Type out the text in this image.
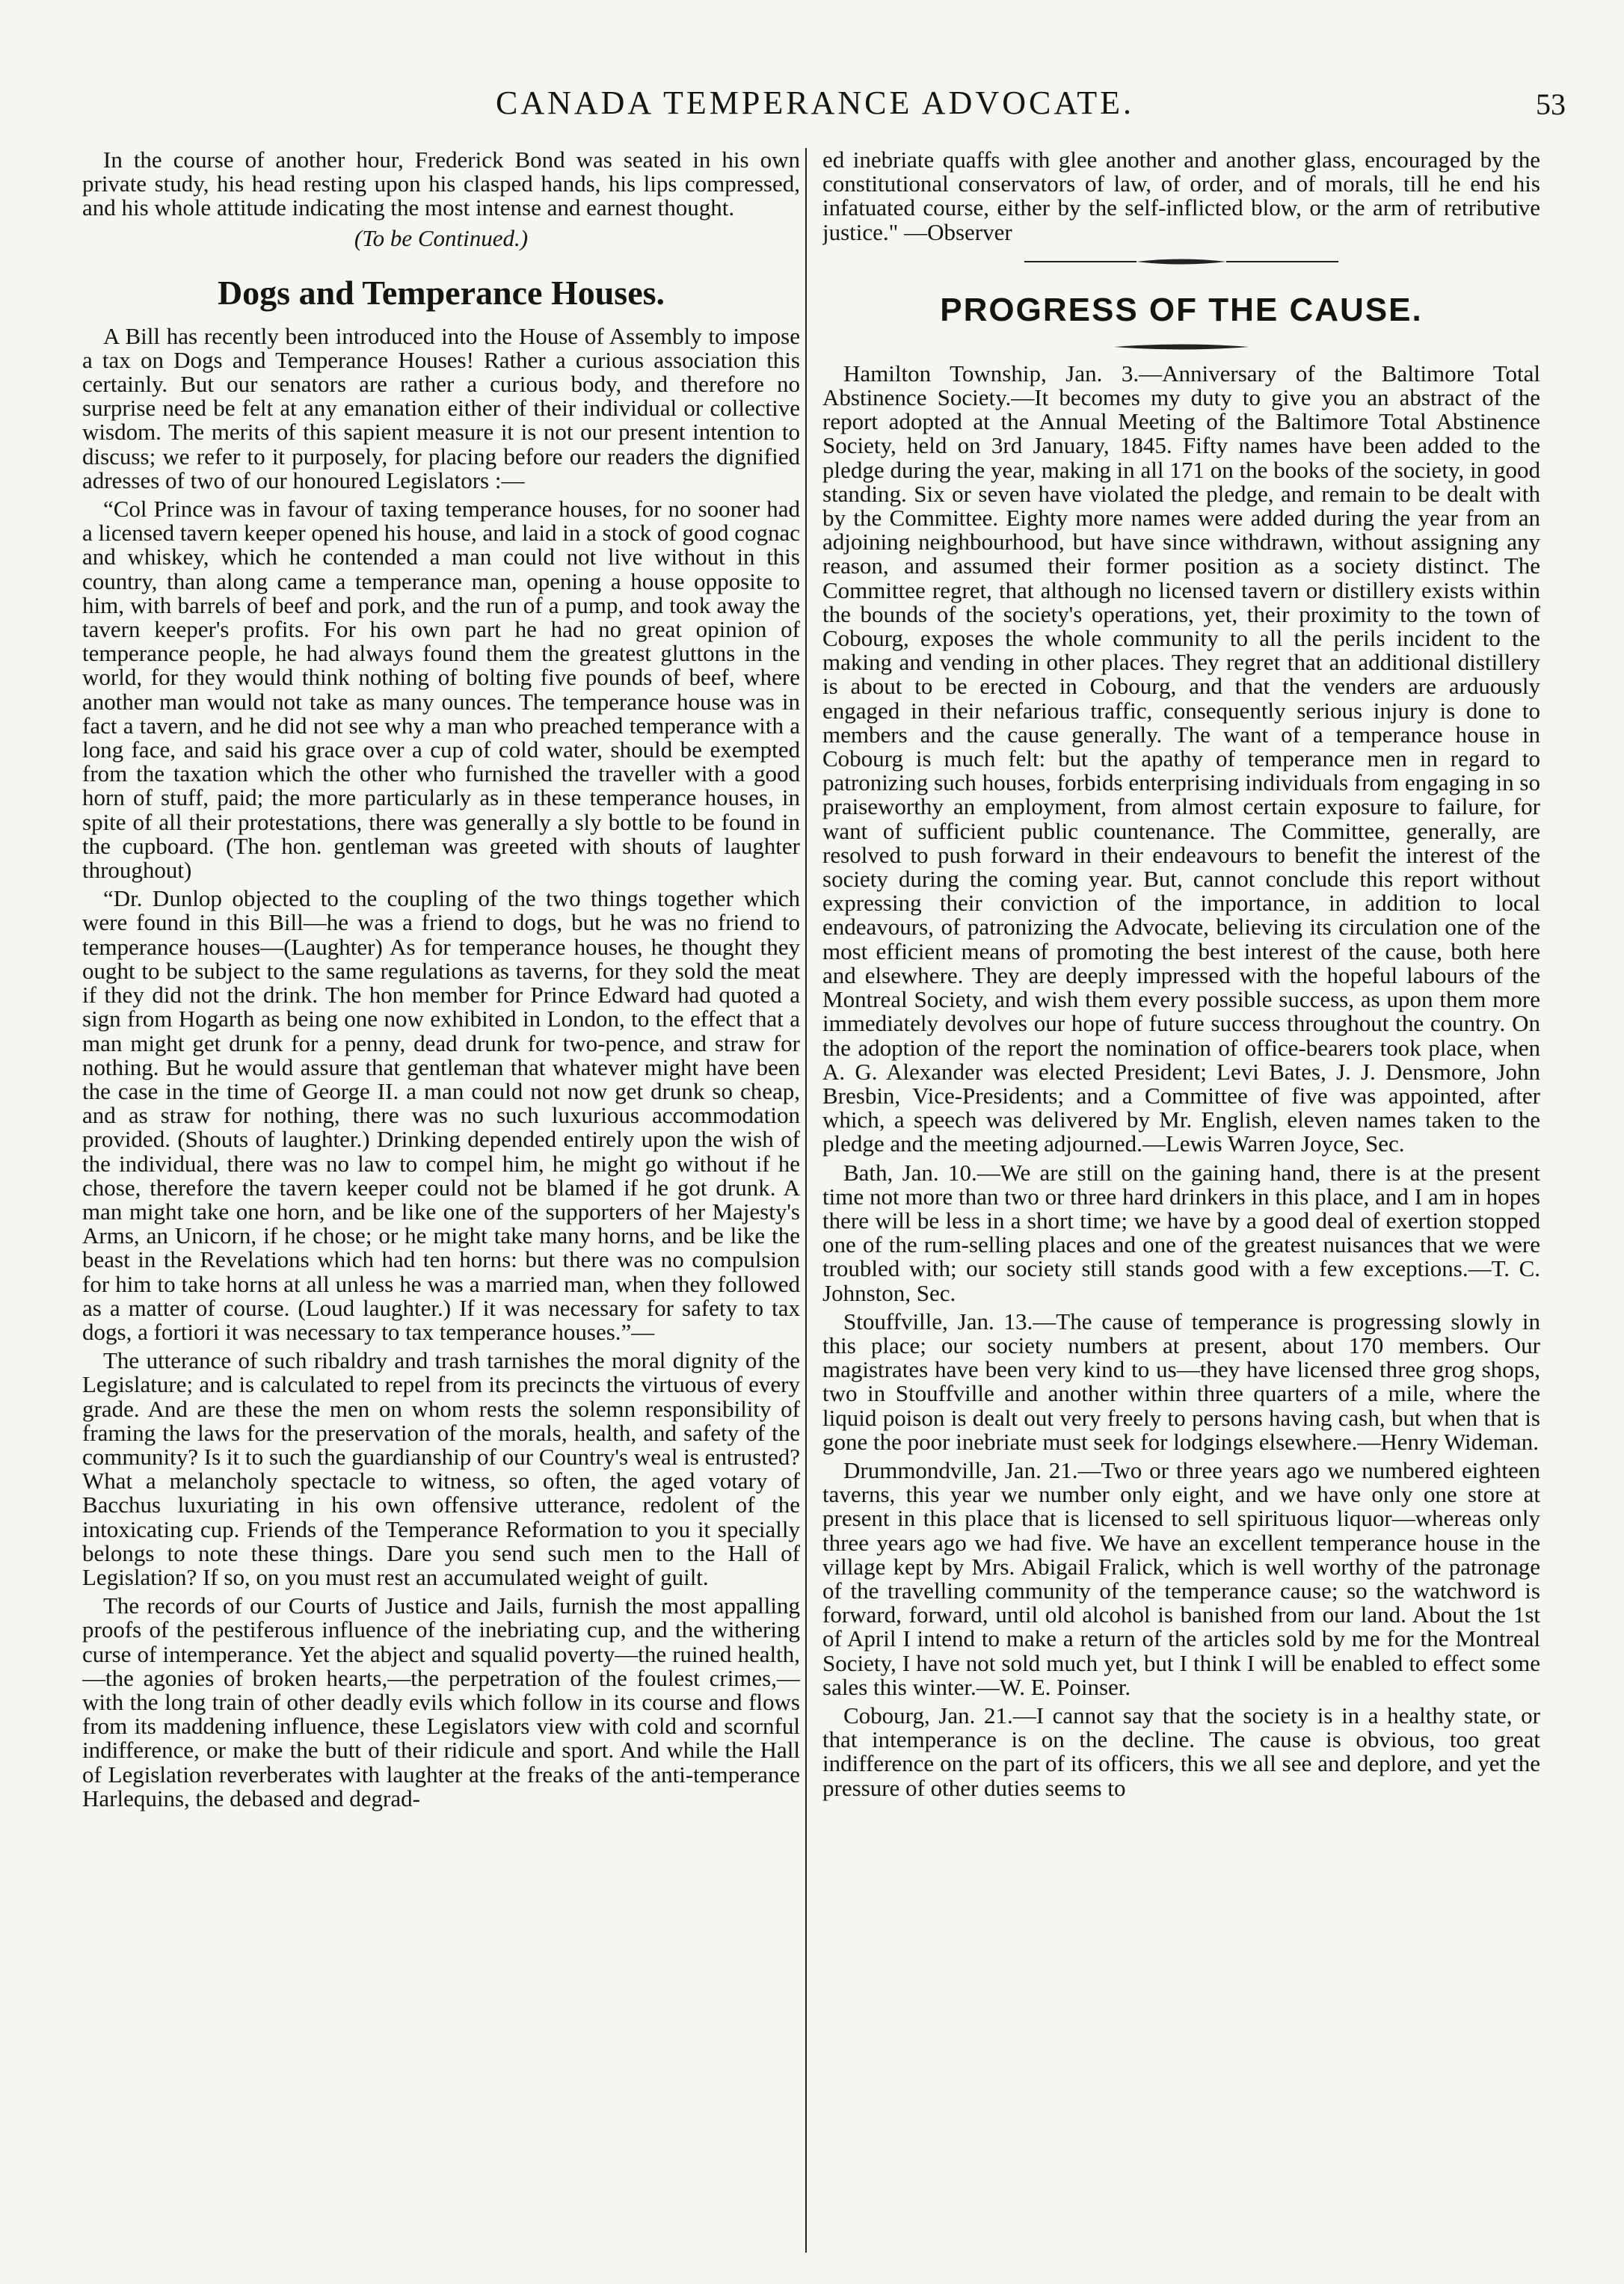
CANADA TEMPERANCE ADVOCATE.	53

In the course of another hour, Frederick Bond was seated in his own private study, his head resting upon his clasped hands, his lips compressed, and his whole attitude indicating the most intense and earnest thought.

(To be Continued.)
Dogs and Temperance Houses.

A Bill has recently been introduced into the House of Assembly to impose a tax on Dogs and Temperance Houses! Rather a curious association this certainly. But our senators are rather a curious body, and therefore no surprise need be felt at any emanation either of their individual or collective wisdom. The merits of this sapient measure it is not our present intention to discuss; we refer to it purposely, for placing before our readers the dignified adresses of two of our honoured Legislators :—

“Col Prince was in favour of taxing temperance houses, for no sooner had a licensed tavern keeper opened his house, and laid in a stock of good cognac and whiskey, which he contended a man could not live without in this country, than along came a temperance man, opening a house opposite to him, with barrels of beef and pork, and the run of a pump, and took away the tavern keeper's profits. For his own part he had no great opinion of temperance people, he had always found them the greatest gluttons in the world, for they would think nothing of bolting five pounds of beef, where another man would not take as many ounces. The temperance house was in fact a tavern, and he did not see why a man who preached temperance with a long face, and said his grace over a cup of cold water, should be exempted from the taxation which the other who furnished the traveller with a good horn of stuff, paid; the more particularly as in these temperance houses, in spite of all their protestations, there was generally a sly bottle to be found in the cupboard. (The hon. gentleman was greeted with shouts of laughter throughout)

“Dr. Dunlop objected to the coupling of the two things together which were found in this Bill—he was a friend to dogs, but he was no friend to temperance houses—(Laughter) As for temperance houses, he thought they ought to be subject to the same regulations as taverns, for they sold the meat if they did not the drink. The hon member for Prince Edward had quoted a sign from Hogarth as being one now exhibited in London, to the effect that a man might get drunk for a penny, dead drunk for two-pence, and straw for nothing. But he would assure that gentleman that whatever might have been the case in the time of George II. a man could not now get drunk so cheap, and as straw for nothing, there was no such luxurious accommodation provided. (Shouts of laughter.) Drinking depended entirely upon the wish of the individual, there was no law to compel him, he might go without if he chose, therefore the tavern keeper could not be blamed if he got drunk. A man might take one horn, and be like one of the supporters of her Majesty's Arms, an Unicorn, if he chose; or he might take many horns, and be like the beast in the Revelations which had ten horns: but there was no compulsion for him to take horns at all unless he was a married man, when they followed as a matter of course. (Loud laughter.) If it was necessary for safety to tax dogs, a fortiori it was necessary to tax temperance houses.”—

The utterance of such ribaldry and trash tarnishes the moral dignity of the Legislature; and is calculated to repel from its precincts the virtuous of every grade. And are these the men on whom rests the solemn responsibility of framing the laws for the preservation of the morals, health, and safety of the community? Is it to such the guardianship of our Country's weal is entrusted? What a melancholy spectacle to witness, so often, the aged votary of Bacchus luxuriating in his own offensive utterance, redolent of the intoxicating cup. Friends of the Temperance Reformation to you it specially belongs to note these things. Dare you send such men to the Hall of Legislation? If so, on you must rest an accumulated weight of guilt.

The records of our Courts of Justice and Jails, furnish the most appalling proofs of the pestiferous influence of the inebriating cup, and the withering curse of intemperance. Yet the abject and squalid poverty—the ruined health,—the agonies of broken hearts,—the perpetration of the foulest crimes,—with the long train of other deadly evils which follow in its course and flows from its maddening influence, these Legislators view with cold and scornful indifference, or make the butt of their ridicule and sport. And while the Hall of Legislation reverberates with laughter at the freaks of the anti-temperance Harlequins, the debased and degrad-

ed inebriate quaffs with glee another and another glass, encouraged by the constitutional conservators of law, of order, and of morals, till he end his infatuated course, either by the self-inflicted blow, or the arm of retributive justice." —Observer

PROGRESS OF THE CAUSE.

Hamilton Township, Jan. 3.—Anniversary of the Baltimore Total Abstinence Society.—It becomes my duty to give you an abstract of the report adopted at the Annual Meeting of the Baltimore Total Abstinence Society, held on 3rd January, 1845. Fifty names have been added to the pledge during the year, making in all 171 on the books of the society, in good standing. Six or seven have violated the pledge, and remain to be dealt with by the Committee. Eighty more names were added during the year from an adjoining neighbourhood, but have since withdrawn, without assigning any reason, and assumed their former position as a society distinct. The Committee regret, that although no licensed tavern or distillery exists within the bounds of the society's operations, yet, their proximity to the town of Cobourg, exposes the whole community to all the perils incident to the making and vending in other places. They regret that an additional distillery is about to be erected in Cobourg, and that the venders are arduously engaged in their nefarious traffic, consequently serious injury is done to members and the cause generally. The want of a temperance house in Cobourg is much felt: but the apathy of temperance men in regard to patronizing such houses, forbids enterprising individuals from engaging in so praiseworthy an employment, from almost certain exposure to failure, for want of sufficient public countenance. The Committee, generally, are resolved to push forward in their endeavours to benefit the interest of the society during the coming year. But, cannot conclude this report without expressing their conviction of the importance, in addition to local endeavours, of patronizing the Advocate, believing its circulation one of the most efficient means of promoting the best interest of the cause, both here and elsewhere. They are deeply impressed with the hopeful labours of the Montreal Society, and wish them every possible success, as upon them more immediately devolves our hope of future success throughout the country. On the adoption of the report the nomination of office-bearers took place, when A. G. Alexander was elected President; Levi Bates, J. J. Densmore, John Bresbin, Vice-Presidents; and a Committee of five was appointed, after which, a speech was delivered by Mr. English, eleven names taken to the pledge and the meeting adjourned.—Lewis Warren Joyce, Sec.

Bath, Jan. 10.—We are still on the gaining hand, there is at the present time not more than two or three hard drinkers in this place, and I am in hopes there will be less in a short time; we have by a good deal of exertion stopped one of the rum-selling places and one of the greatest nuisances that we were troubled with; our society still stands good with a few exceptions.—T. C. Johnston, Sec.

Stouffville, Jan. 13.—The cause of temperance is progressing slowly in this place; our society numbers at present, about 170 members. Our magistrates have been very kind to us—they have licensed three grog shops, two in Stouffville and another within three quarters of a mile, where the liquid poison is dealt out very freely to persons having cash, but when that is gone the poor inebriate must seek for lodgings elsewhere.—Henry Wideman.

Drummondville, Jan. 21.—Two or three years ago we numbered eighteen taverns, this year we number only eight, and we have only one store at present in this place that is licensed to sell spirituous liquor—whereas only three years ago we had five. We have an excellent temperance house in the village kept by Mrs. Abigail Fralick, which is well worthy of the patronage of the travelling community of the temperance cause; so the watchword is forward, forward, until old alcohol is banished from our land. About the 1st of April I intend to make a return of the articles sold by me for the Montreal Society, I have not sold much yet, but I think I will be enabled to effect some sales this winter.—W. E. Poinser.

Cobourg, Jan. 21.—I cannot say that the society is in a healthy state, or that intemperance is on the decline. The cause is obvious, too great indifference on the part of its officers, this we all see and deplore, and yet the pressure of other duties seems to
